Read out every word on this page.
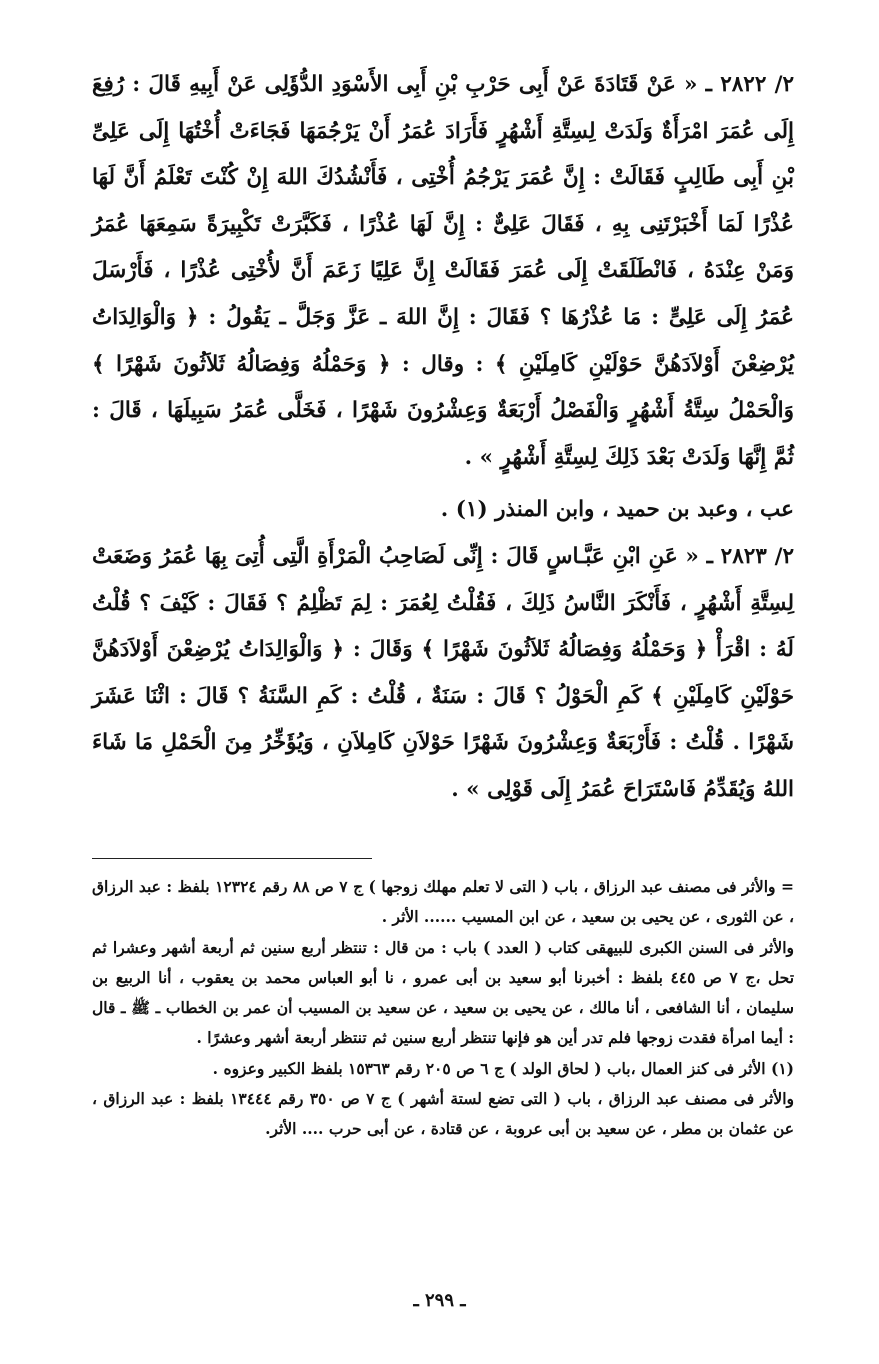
٢/ ٢٨٢٢ ـ « عَنْ قَتَادَةَ عَنْ أَبِى حَرْبِ بْنِ أَبِى الأَسْوَدِ الدُّؤَلِى عَنْ أَبِيهِ قَالَ : رُفِعَ إِلَى عُمَرَ امْرَأَةٌ وَلَدَتْ لِسِتَّةِ أَشْهُرٍ فَأَرَادَ عُمَرُ أَنْ يَرْجُمَهَا فَجَاءَتْ أُخْتُهَا إِلَى عَلِىِّ بْنِ أَبِى طَالِبٍ فَقَالَتْ : إِنَّ عُمَرَ يَرْجُمُ أُخْتِى ، فَأَنْشُدُكَ اللهَ إِنْ كُنْتَ تَعْلَمُ أَنَّ لَهَا عُذْرًا لَمَا أَخْبَرْتَنِى بِهِ ، فَقَالَ عَلِىٌّ : إِنَّ لَهَا عُذْرًا ، فَكَبَّرَتْ تَكْبِيرَةً سَمِعَهَا عُمَرُ وَمَنْ عِنْدَهُ ، فَانْطَلَقَتْ إِلَى عُمَرَ فَقَالَتْ إِنَّ عَلِيًا زَعَمَ أَنَّ لأُخْتِى عُذْرًا ، فَأَرْسَلَ عُمَرُ إِلَى عَلِىٍّ : مَا عُذْرُهَا ؟ فَقَالَ : إِنَّ اللهَ ـ عَزَّ وَجَلَّ ـ يَقُولُ : ﴿ وَالْوَالِدَاتُ يُرْضِعْنَ أَوْلاَدَهُنَّ حَوْلَيْنِ كَامِلَيْنِ ﴾ : وقال : ﴿ وَحَمْلُهُ وَفِصَالُهُ ثَلاَثُونَ شَهْرًا ﴾ وَالْحَمْلُ سِتَّةُ أَشْهُرٍ وَالْفَصْلُ أَرْبَعَةٌ وَعِشْرُونَ شَهْرًا ، فَخَلَّى عُمَرُ سَبِيلَهَا ، قَالَ : ثُمَّ إِنَّهَا وَلَدَتْ بَعْدَ ذَلِكَ لِسِتَّةِ أَشْهُرٍ » .

عب ، وعبد بن حميد ، وابن المنذر (١) .

٢/ ٢٨٢٣ ـ « عَنِ ابْنِ عَبَّـاسٍ قَالَ : إِنِّى لَصَاحِبُ الْمَرْأَةِ الَّتِى أُتِىَ بِهَا عُمَرُ وَضَعَتْ لِسِتَّةِ أَشْهُرٍ ، فَأَنْكَرَ النَّاسُ ذَلِكَ ، فَقُلْتُ لِعُمَرَ : لِمَ تَظْلِمُ ؟ فَقَالَ : كَيْفَ ؟ قُلْتُ لَهُ : اقْرَأْ ﴿ وَحَمْلُهُ وَفِصَالُهُ ثَلاَثُونَ شَهْرًا ﴾ وَقَالَ : ﴿ وَالْوَالِدَاتُ يُرْضِعْنَ أَوْلاَدَهُنَّ حَوْلَيْنِ كَامِلَيْنِ ﴾ كَمِ الْحَوْلُ ؟ قَالَ : سَنَةٌ ، قُلْتُ : كَمِ السَّنَةُ ؟ قَالَ : اثْنَا عَشَرَ شَهْرًا . قُلْتُ : فَأَرْبَعَةٌ وَعِشْرُونَ شَهْرًا حَوْلاَنِ كَامِلاَنِ ، وَيُؤَخِّرُ مِنَ الْحَمْلِ مَا شَاءَ اللهُ وَيُقَدِّمُ فَاسْتَرَاحَ عُمَرُ إِلَى قَوْلِى » .

= والأثر فى مصنف عبد الرزاق ، باب ( التى لا تعلم مهلك زوجها ) ج ٧ ص ٨٨ رقم ١٢٣٢٤ بلفظ : عبد الرزاق ، عن الثورى ، عن يحيى بن سعيد ، عن ابن المسيب ...... الأثر .

والأثر فى السنن الكبرى للبيهقى كتاب ( العدد ) باب : من قال : تنتظر أربع سنين ثم أربعة أشهر وعشرا ثم تحل ،ج ٧ ص ٤٤٥ بلفظ : أخبرنا أبو سعيد بن أبى عمرو ، نا أبو العباس محمد بن يعقوب ، أنا الربيع بن سليمان ، أنا الشافعى ، أنا مالك ، عن يحيى بن سعيد ، عن سعيد بن المسيب أن عمر بن الخطاب ـ ﷺ ـ قال : أيما امرأة فقدت زوجها فلم تدر أين هو فإنها تنتظر أربع سنين ثم تنتظر أربعة أشهر وعشرًا .

(١) الأثر فى كنز العمال ،باب ( لحاق الولد ) ج ٦ ص ٢٠٥ رقم ١٥٣٦٣ بلفظ الكبير وعزوه .

والأثر فى مصنف عبد الرزاق ، باب ( التى تضع لستة أشهر ) ج ٧ ص ٣٥٠ رقم ١٣٤٤٤ بلفظ : عبد الرزاق ، عن عثمان بن مطر ، عن سعيد بن أبى عروبة ، عن قتادة ، عن أبى حرب .... الأثر.

ـ ٢٩٩ ـ
